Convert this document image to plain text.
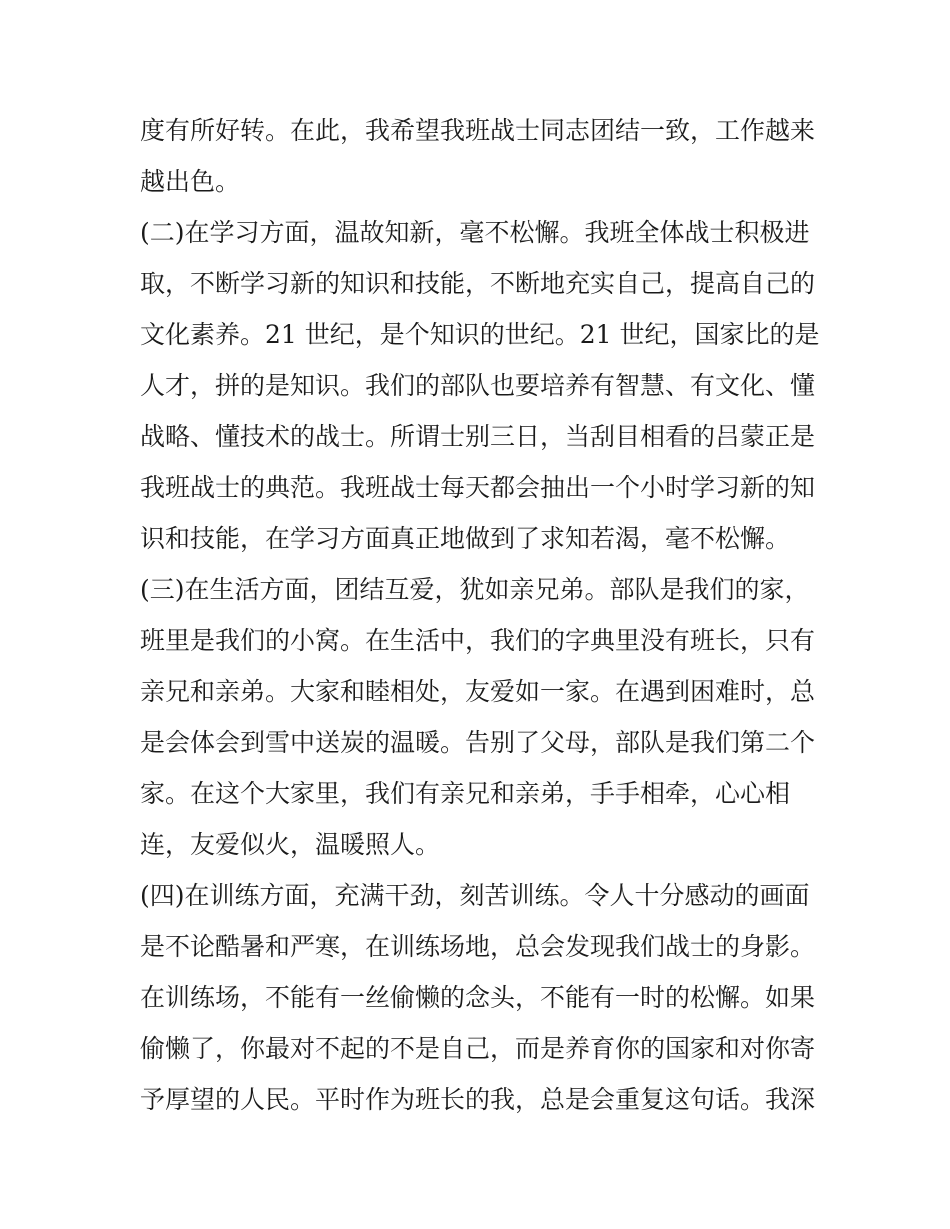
度有所好转。在此，我希望我班战士同志团结一致，工作越来
越出色。
(二)在学习方面，温故知新，毫不松懈。我班全体战士积极进
取，不断学习新的知识和技能，不断地充实自己，提高自己的
文化素养。21 世纪，是个知识的世纪。21 世纪，国家比的是
人才，拼的是知识。我们的部队也要培养有智慧、有文化、懂
战略、懂技术的战士。所谓士别三日，当刮目相看的吕蒙正是
我班战士的典范。我班战士每天都会抽出一个小时学习新的知
识和技能，在学习方面真正地做到了求知若渴，毫不松懈。
(三)在生活方面，团结互爱，犹如亲兄弟。部队是我们的家，
班里是我们的小窝。在生活中，我们的字典里没有班长，只有
亲兄和亲弟。大家和睦相处，友爱如一家。在遇到困难时，总
是会体会到雪中送炭的温暖。告别了父母，部队是我们第二个
家。在这个大家里，我们有亲兄和亲弟，手手相牵，心心相
连，友爱似火，温暖照人。
(四)在训练方面，充满干劲，刻苦训练。令人十分感动的画面
是不论酷暑和严寒，在训练场地，总会发现我们战士的身影。
在训练场，不能有一丝偷懒的念头，不能有一时的松懈。如果
偷懒了，你最对不起的不是自己，而是养育你的国家和对你寄
予厚望的人民。平时作为班长的我，总是会重复这句话。我深
